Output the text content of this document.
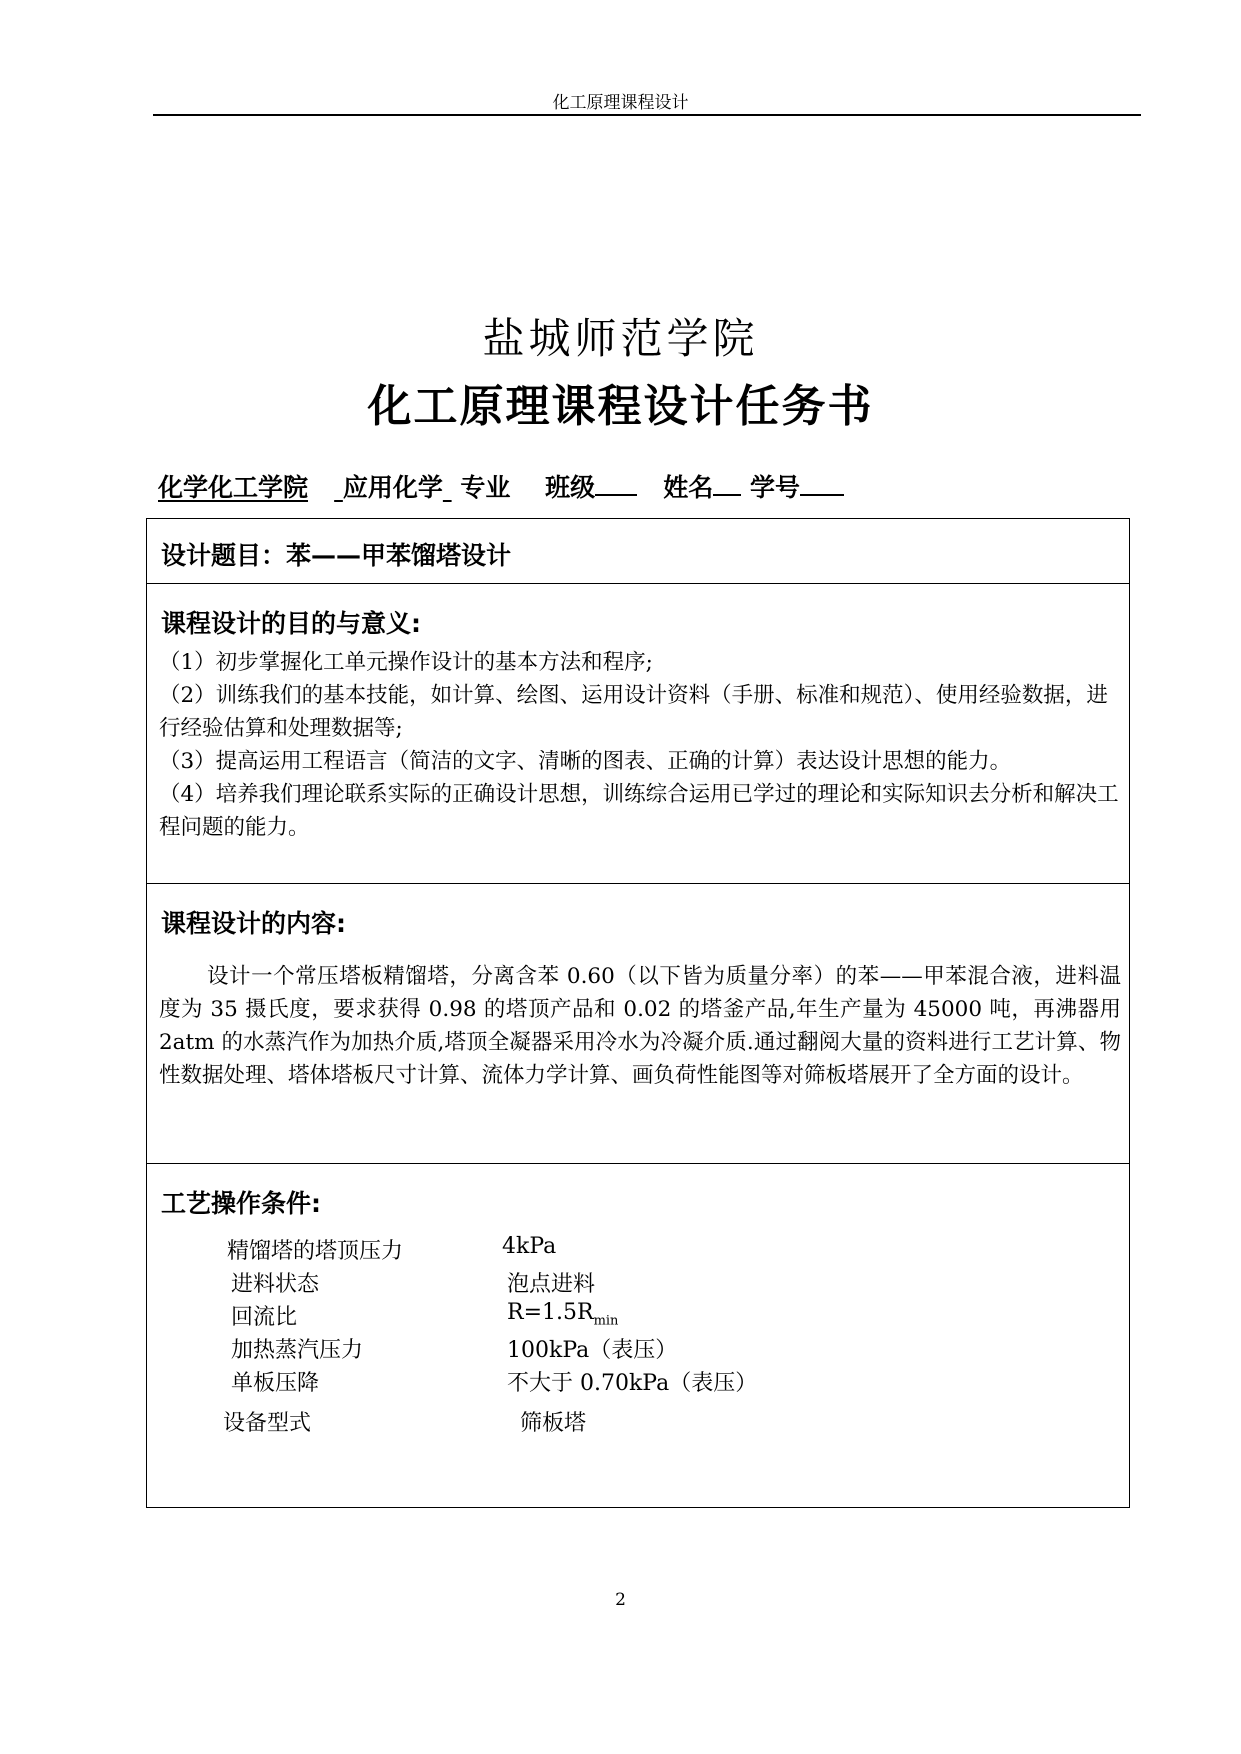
化工原理课程设计
盐城师范学院
化工原理课程设计任务书
化学化工学院 应用化学 专业 班级	姓名 学号
设计题目：苯——甲苯馏塔设计
课程设计的目的与意义:

（1）初步掌握化工单元操作设计的基本方法和程序;

（2）训练我们的基本技能，如计算、绘图、运用设计资料（手册、标准和规范）、使用经验数据，进行经验估算和处理数据等;

（3）提高运用工程语言（简洁的文字、清晰的图表、正确的计算）表达设计思想的能力。

（4）培养我们理论联系实际的正确设计思想，训练综合运用已学过的理论和实际知识去分析和解决工程问题的能力。

课程设计的内容:
设计一个常压塔板精馏塔，分离含苯 0.60（以下皆为质量分率）的苯——甲苯混合液，进料温度为 35 摄氏度，要求获得 0.98 的塔顶产品和 0.02 的塔釜产品,年生产量为 45000 吨，再沸器用 2atm 的水蒸汽作为加热介质,塔顶全凝器采用冷水为冷凝介质.通过翻阅大量的资料进行工艺计算、物性数据处理、塔体塔板尺寸计算、流体力学计算、画负荷性能图等对筛板塔展开了全方面的设计。
工艺操作条件:
精馏塔的塔顶压力	4kPa
进料状态	泡点进料
回流比	$R=1.5R_{min}$
加热蒸汽压力	100kPa（表压）
单板压降	不大于 0.70kPa（表压）
设备型式	筛板塔
2
